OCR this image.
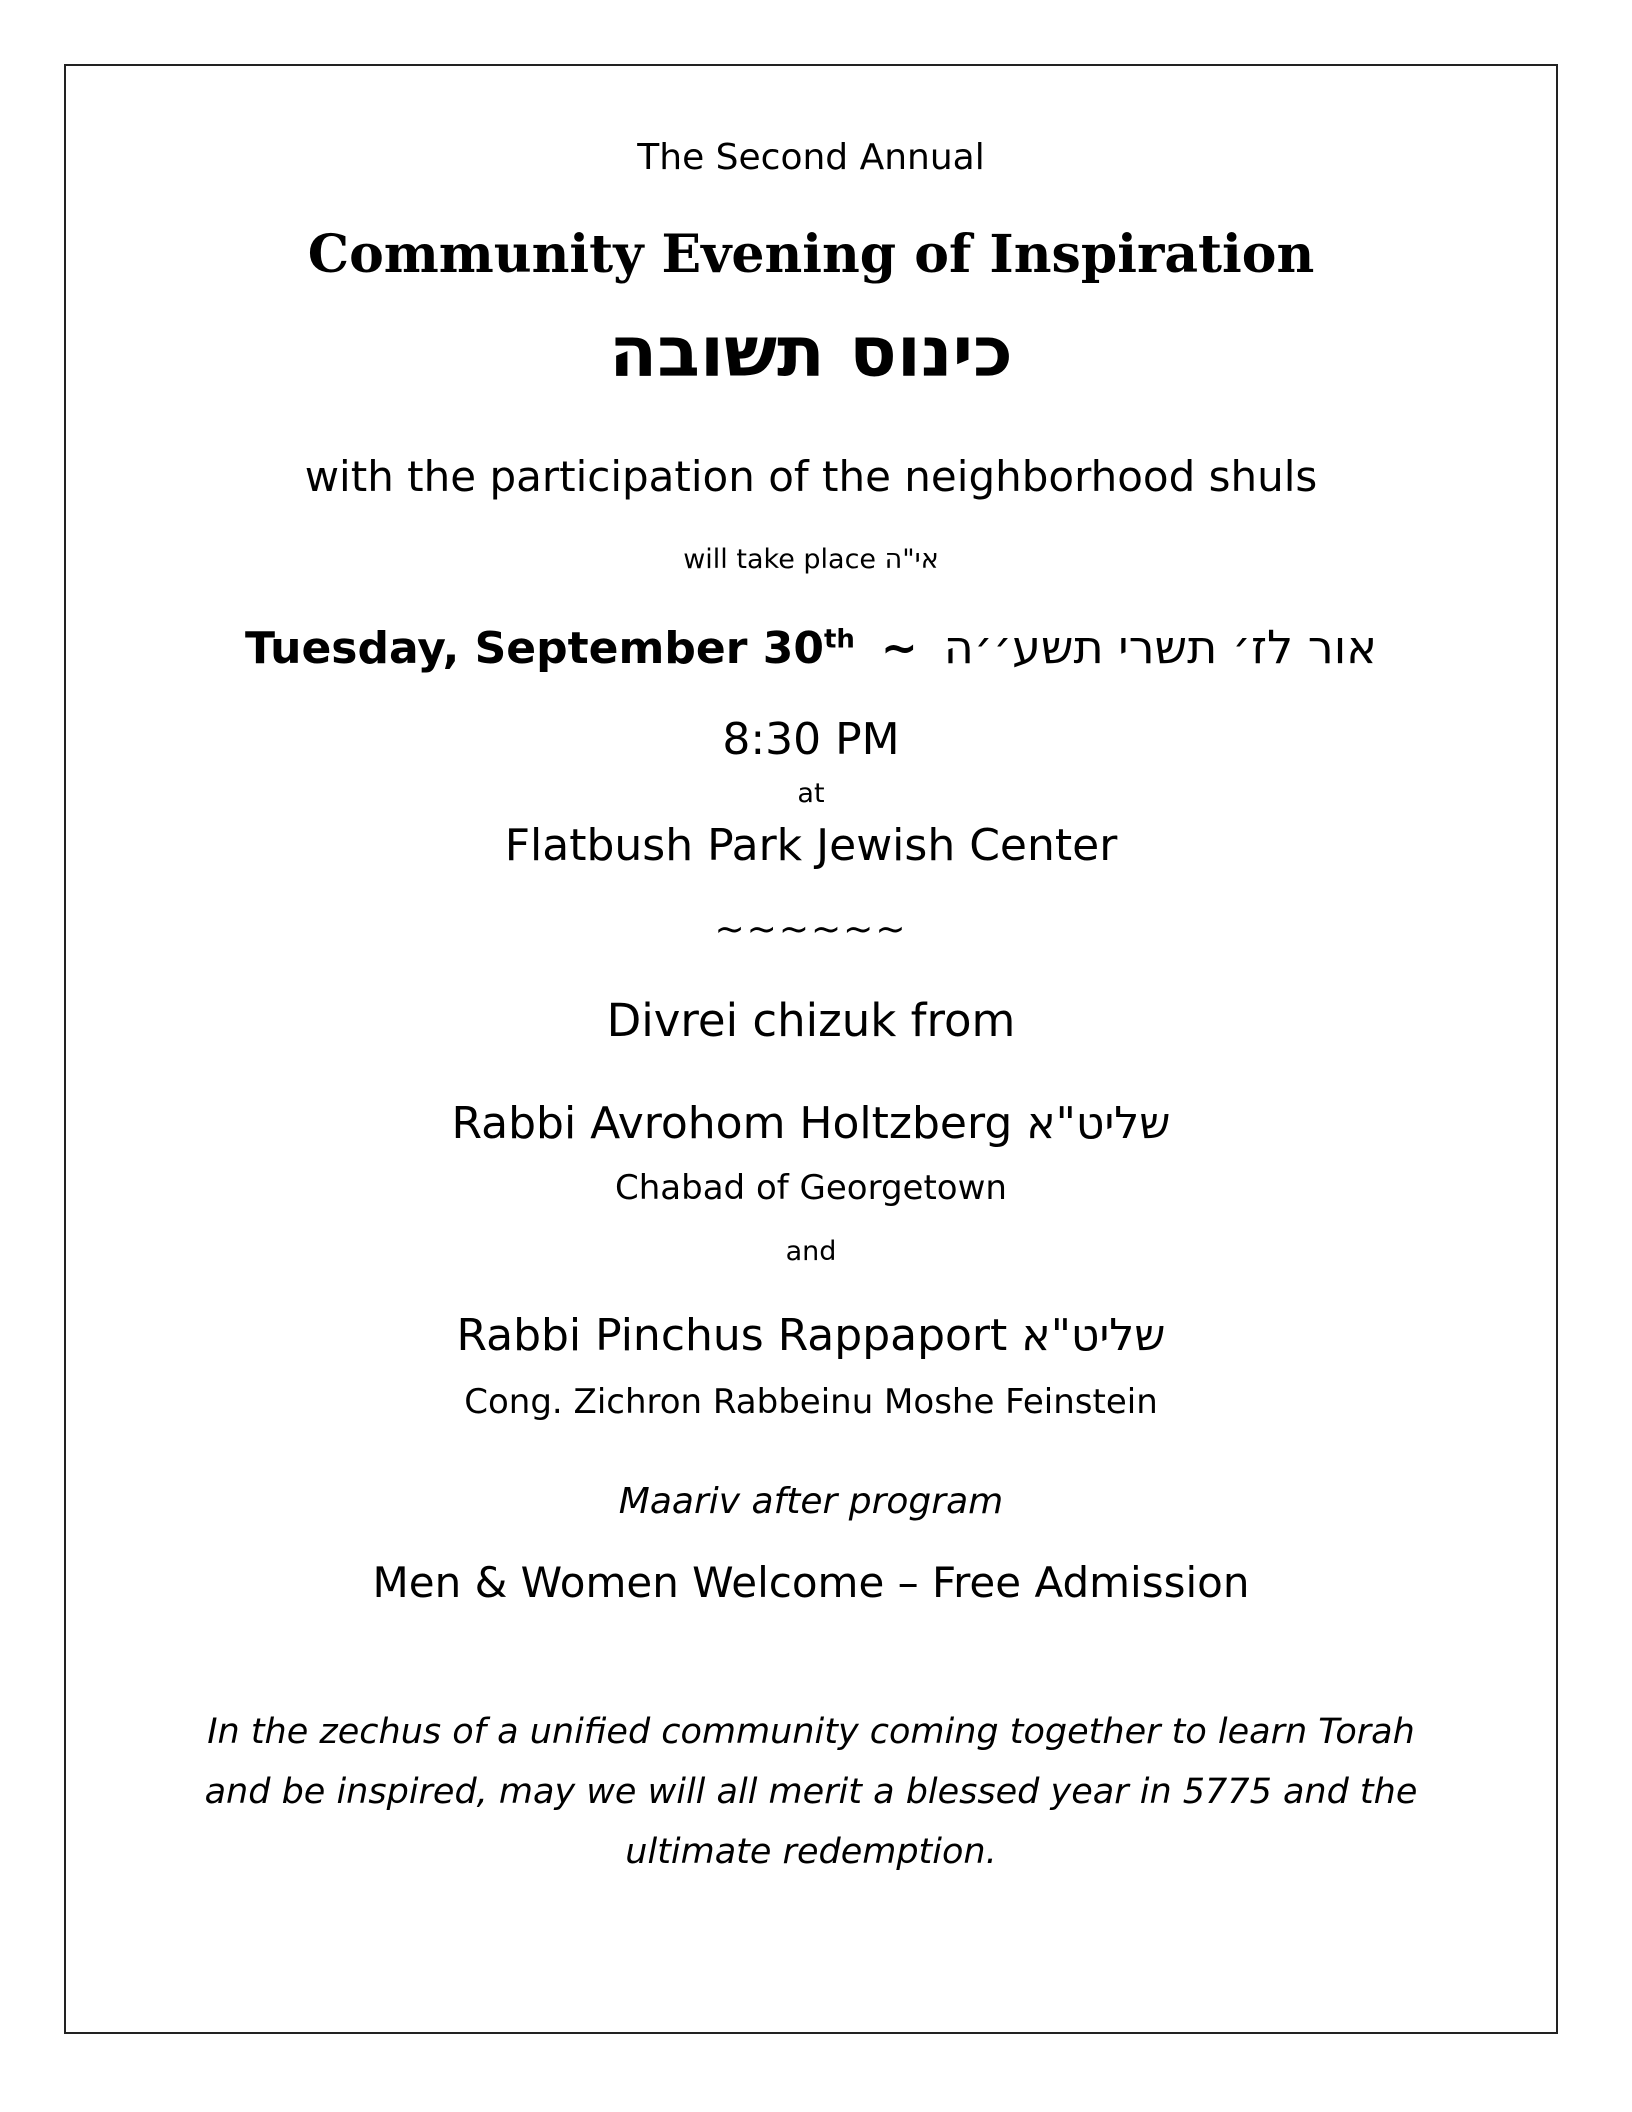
The Second Annual
Community Evening of Inspiration
כינוס תשובה
with the participation of the neighborhood shuls
will take place אי"ה
Tuesday, September 30th ~ אור לז׳ תשרי תשע׳׳ה
8:30 PM
at
Flatbush Park Jewish Center
~~~~~~
Divrei chizuk from
Rabbi Avrohom Holtzberg שליט"א
Chabad of Georgetown
and
Rabbi Pinchus Rappaport שליט"א
Cong. Zichron Rabbeinu Moshe Feinstein
Maariv after program
Men & Women Welcome – Free Admission
In the zechus of a unified community coming together to learn Torah
and be inspired, may we will all merit a blessed year in 5775 and the
ultimate redemption.
